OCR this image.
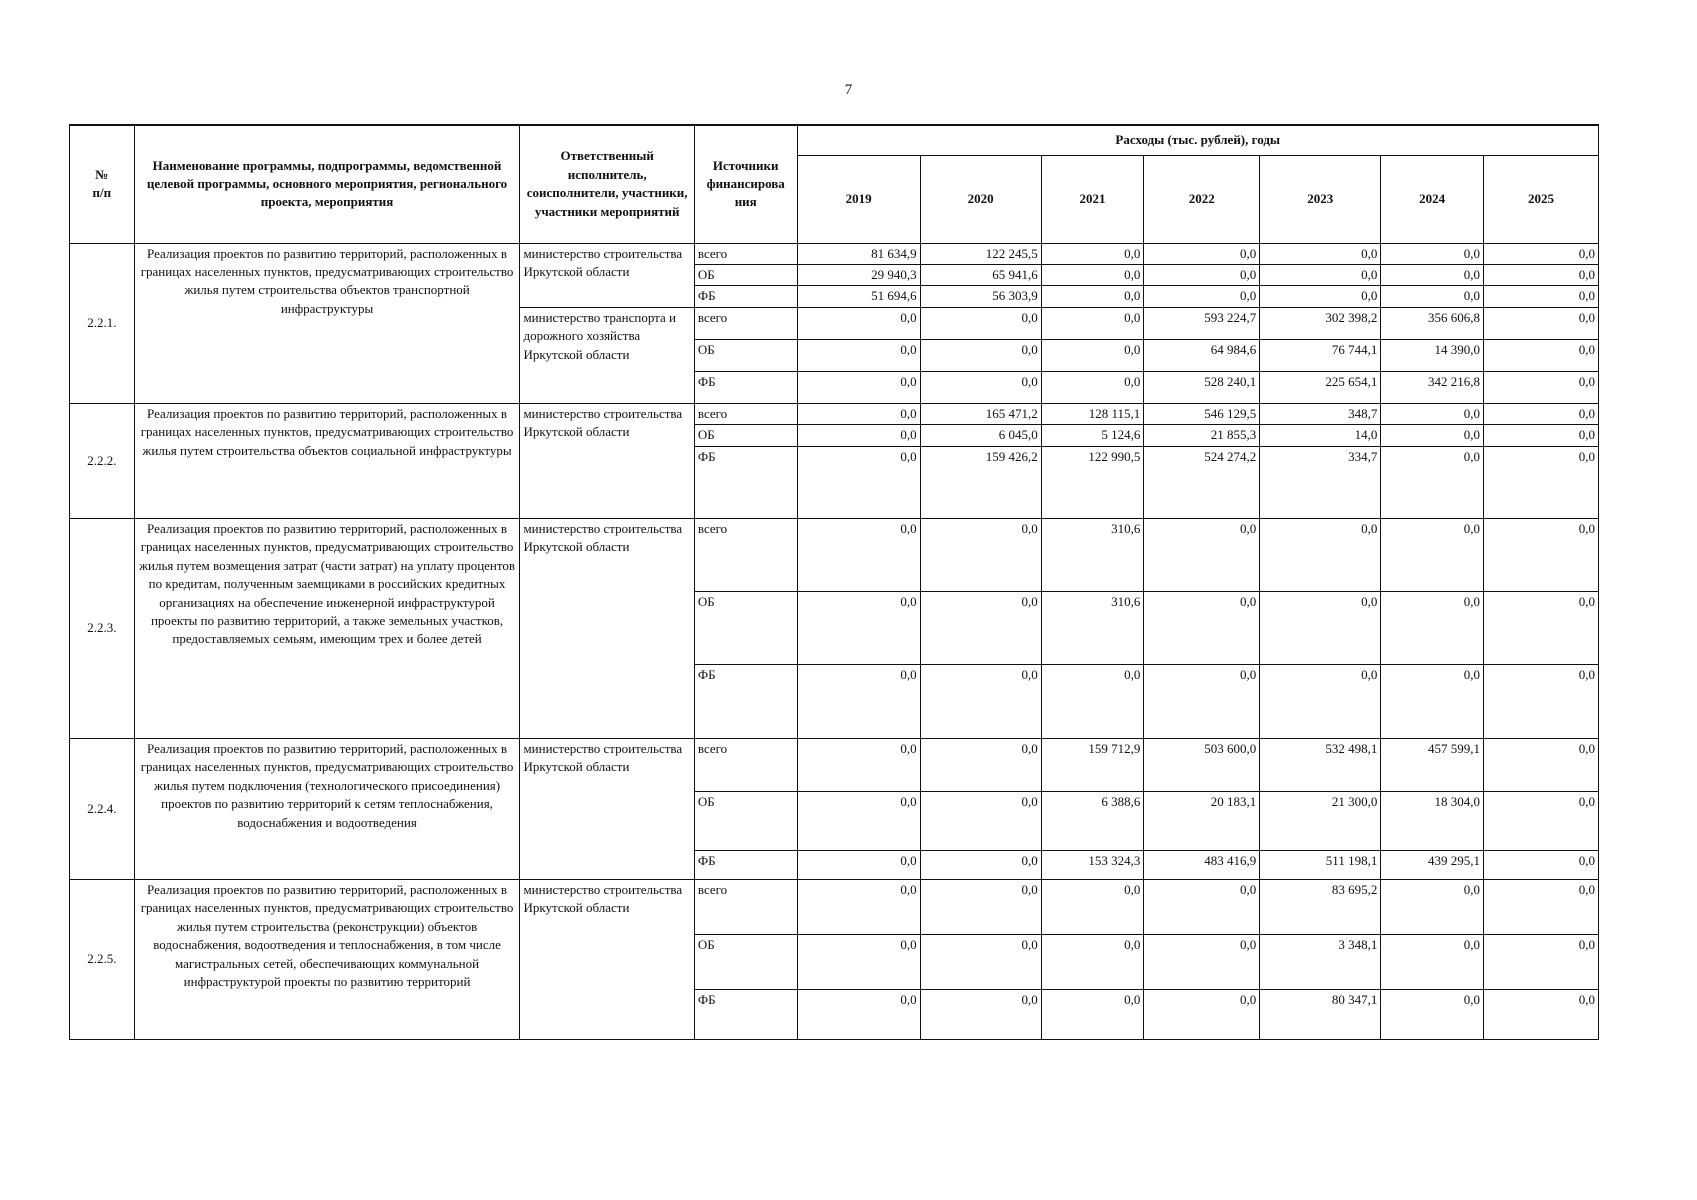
7
№
п/п	Наименование программы, подпрограммы, ведомственной целевой программы, основного мероприятия, регионального проекта, мероприятия	Ответственный исполнитель, соисполнители, участники, участники мероприятий	Источники финансирова ния	Расходы (тыс. рублей), годы						
				2019	2020	2021	2022	2023	2024	2025
2.2.1.	Реализация проектов по развитию территорий, расположенных в границах населенных пунктов, предусматривающих строительство жилья путем строительства объектов транспортной инфраструктуры	министерство строительства Иркутской области	всего	81 634,9	122 245,5	0,0	0,0	0,0	0,0	0,0
			ОБ	29 940,3	65 941,6	0,0	0,0	0,0	0,0	0,0
			ФБ	51 694,6	56 303,9	0,0	0,0	0,0	0,0	0,0
		министерство транспорта и дорожного хозяйства Иркутской области	всего	0,0	0,0	0,0	593 224,7	302 398,2	356 606,8	0,0
			ОБ	0,0	0,0	0,0	64 984,6	76 744,1	14 390,0	0,0
			ФБ	0,0	0,0	0,0	528 240,1	225 654,1	342 216,8	0,0
2.2.2.	Реализация проектов по развитию территорий, расположенных в границах населенных пунктов, предусматривающих строительство жилья путем строительства объектов социальной инфраструктуры	министерство строительства Иркутской области	всего	0,0	165 471,2	128 115,1	546 129,5	348,7	0,0	0,0
			ОБ	0,0	6 045,0	5 124,6	21 855,3	14,0	0,0	0,0
			ФБ	0,0	159 426,2	122 990,5	524 274,2	334,7	0,0	0,0
2.2.3.	Реализация проектов по развитию территорий, расположенных в границах населенных пунктов, предусматривающих строительство жилья путем возмещения затрат (части затрат) на уплату процентов по кредитам, полученным заемщиками в российских кредитных организациях на обеспечение инженерной инфраструктурой проекты по развитию территорий, а также земельных участков, предоставляемых семьям, имеющим трех и более детей	министерство строительства Иркутской области	всего	0,0	0,0	310,6	0,0	0,0	0,0	0,0
			ОБ	0,0	0,0	310,6	0,0	0,0	0,0	0,0
			ФБ	0,0	0,0	0,0	0,0	0,0	0,0	0,0
2.2.4.	Реализация проектов по развитию территорий, расположенных в границах населенных пунктов, предусматривающих строительство жилья путем подключения (технологического присоединения) проектов по развитию территорий к сетям теплоснабжения, водоснабжения и водоотведения	министерство строительства Иркутской области	всего	0,0	0,0	159 712,9	503 600,0	532 498,1	457 599,1	0,0
			ОБ	0,0	0,0	6 388,6	20 183,1	21 300,0	18 304,0	0,0
			ФБ	0,0	0,0	153 324,3	483 416,9	511 198,1	439 295,1	0,0
2.2.5.	Реализация проектов по развитию территорий, расположенных в границах населенных пунктов, предусматривающих строительство жилья путем строительства (реконструкции) объектов водоснабжения, водоотведения и теплоснабжения, в том числе магистральных сетей, обеспечивающих коммунальной инфраструктурой проекты по развитию территорий	министерство строительства Иркутской области	всего	0,0	0,0	0,0	0,0	83 695,2	0,0	0,0
			ОБ	0,0	0,0	0,0	0,0	3 348,1	0,0	0,0
			ФБ	0,0	0,0	0,0	0,0	80 347,1	0,0	0,0
